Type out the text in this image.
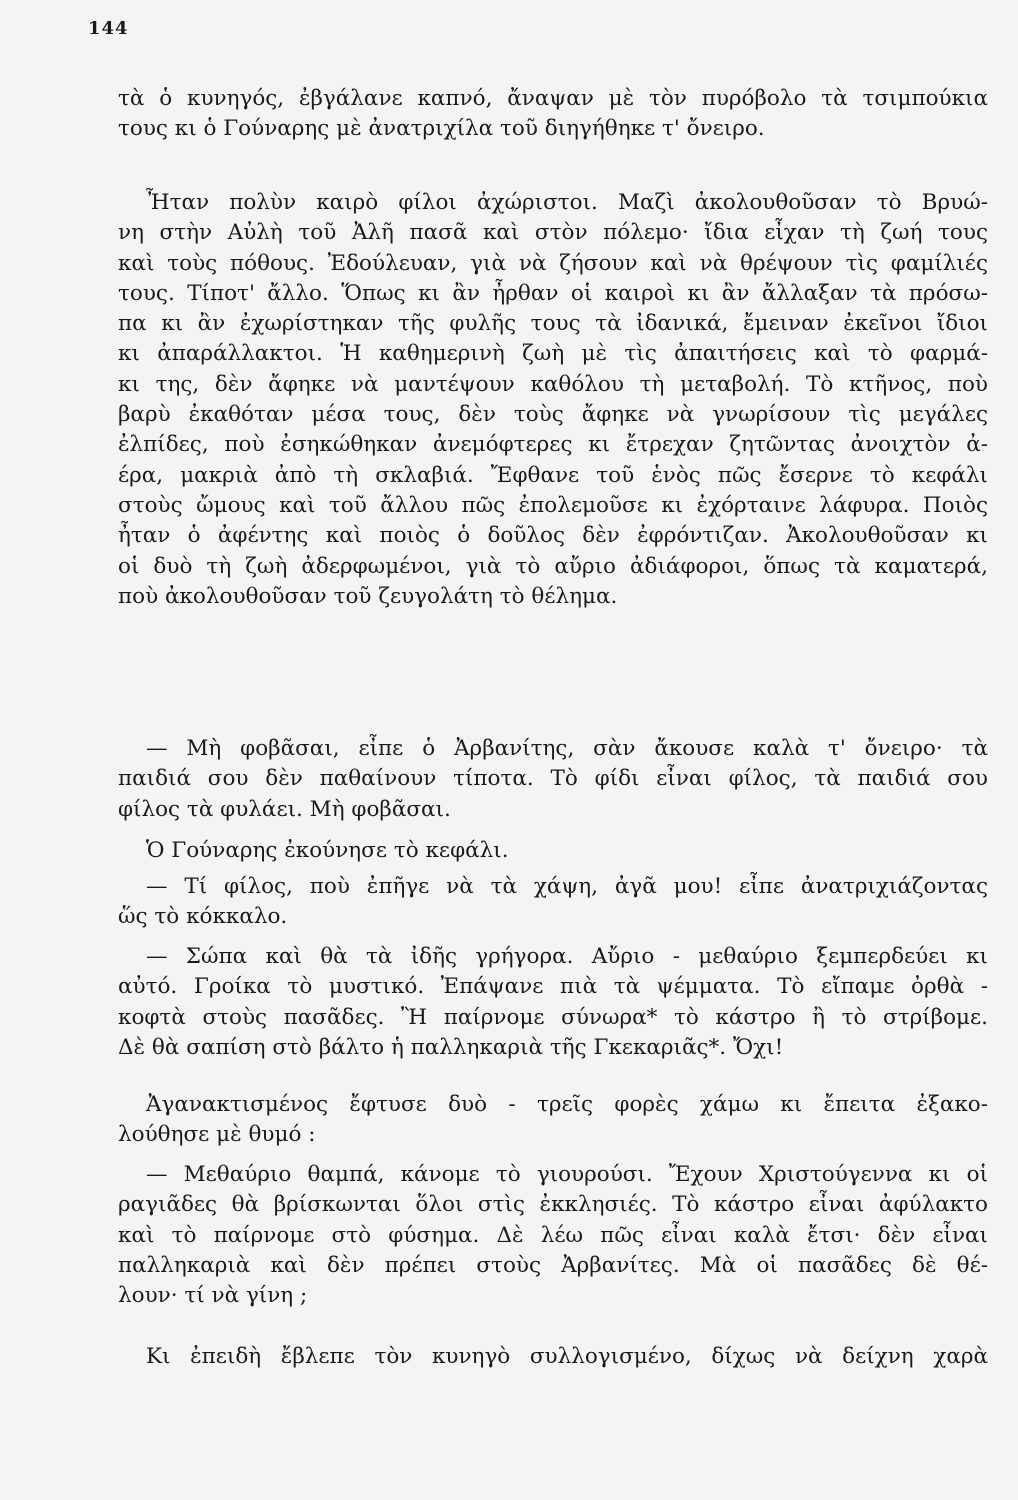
144
τὰ ὁ κυνηγός, ἐβγάλανε καπνό, ἄναψαν μὲ τὸν πυρόβολο τὰ τσιμπούκια
τους κι ὁ Γούναρης μὲ ἀνατριχίλα τοῦ διηγήθηκε τ' ὄνειρο.
Ἦταν πολὺν καιρὸ φίλοι ἀχώριστοι. Μαζὶ ἀκολουθοῦσαν τὸ Βρυώ-
νη στὴν Αὐλὴ τοῦ Ἀλῆ πασᾶ καὶ στὸν πόλεμο· ἴδια εἶχαν τὴ ζωή τους
καὶ τοὺς πόθους. Ἐδούλευαν, γιὰ νὰ ζήσουν καὶ νὰ θρέψουν τὶς φαμίλιές
τους. Τίποτ' ἄλλο. Ὅπως κι ἂν ἦρθαν οἱ καιροὶ κι ἂν ἄλλαξαν τὰ πρόσω-
πα κι ἂν ἐχωρίστηκαν τῆς φυλῆς τους τὰ ἰδανικά, ἔμειναν ἐκεῖνοι ἴδιοι
κι ἀπαράλλακτοι. Ἡ καθημερινὴ ζωὴ μὲ τὶς ἀπαιτήσεις καὶ τὸ φαρμά-
κι της, δὲν ἄφηκε νὰ μαντέψουν καθόλου τὴ μεταβολή. Τὸ κτῆνος, ποὺ
βαρὺ ἐκαθόταν μέσα τους, δὲν τοὺς ἄφηκε νὰ γνωρίσουν τὶς μεγάλες
ἐλπίδες, ποὺ ἐσηκώθηκαν ἀνεμόφτερες κι ἔτρεχαν ζητῶντας ἀνοιχτὸν ἀ-
έρα, μακριὰ ἀπὸ τὴ σκλαβιά. Ἔφθανε τοῦ ἑνὸς πῶς ἔσερνε τὸ κεφάλι
στοὺς ὤμους καὶ τοῦ ἄλλου πῶς ἐπολεμοῦσε κι ἐχόρταινε λάφυρα. Ποιὸς
ἦταν ὁ ἀφέντης καὶ ποιὸς ὁ δοῦλος δὲν ἐφρόντιζαν. Ἀκολουθοῦσαν κι
οἱ δυὸ τὴ ζωὴ ἀδερφωμένοι, γιὰ τὸ αὔριο ἀδιάφοροι, ὅπως τὰ καματερά,
ποὺ ἀκολουθοῦσαν τοῦ ζευγολάτη τὸ θέλημα.
— Μὴ φοβᾶσαι, εἶπε ὁ Ἀρβανίτης, σὰν ἄκουσε καλὰ τ' ὄνειρο· τὰ
παιδιά σου δὲν παθαίνουν τίποτα. Τὸ φίδι εἶναι φίλος, τὰ παιδιά σου
φίλος τὰ φυλάει. Μὴ φοβᾶσαι.
Ὁ Γούναρης ἐκούνησε τὸ κεφάλι.
— Τί φίλος, ποὺ ἐπῆγε νὰ τὰ χάψη, ἀγᾶ μου! εἶπε ἀνατριχιάζοντας
ὥς τὸ κόκκαλο.
— Σώπα καὶ θὰ τὰ ἰδῆς γρήγορα. Αὔριο - μεθαύριο ξεμπερδεύει κι
αὐτό. Γροίκα τὸ μυστικό. Ἐπάψανε πιὰ τὰ ψέμματα. Τὸ εἴπαμε ὀρθὰ -
κοφτὰ στοὺς πασᾶδες. Ἢ παίρνομε σύνωρα* τὸ κάστρο ἢ τὸ στρίβομε.
Δὲ θὰ σαπίση στὸ βάλτο ἡ παλληκαριὰ τῆς Γκεκαριᾶς*. Ὄχι!
Ἀγανακτισμένος ἔφτυσε δυὸ - τρεῖς φορὲς χάμω κι ἔπειτα ἐξακο-
λούθησε μὲ θυμό :
— Μεθαύριο θαμπά, κάνομε τὸ γιουρούσι. Ἔχουν Χριστούγεννα κι οἱ
ραγιᾶδες θὰ βρίσκωνται ὅλοι στὶς ἐκκλησιές. Τὸ κάστρο εἶναι ἀφύλακτο
καὶ τὸ παίρνομε στὸ φύσημα. Δὲ λέω πῶς εἶναι καλὰ ἔτσι· δὲν εἶναι
παλληκαριὰ καὶ δὲν πρέπει στοὺς Ἀρβανίτες. Μὰ οἱ πασᾶδες δὲ θέ-
λουν· τί νὰ γίνη ;
Κι ἐπειδὴ ἔβλεπε τὸν κυνηγὸ συλλογισμένο, δίχως νὰ δείχνη χαρὰ
